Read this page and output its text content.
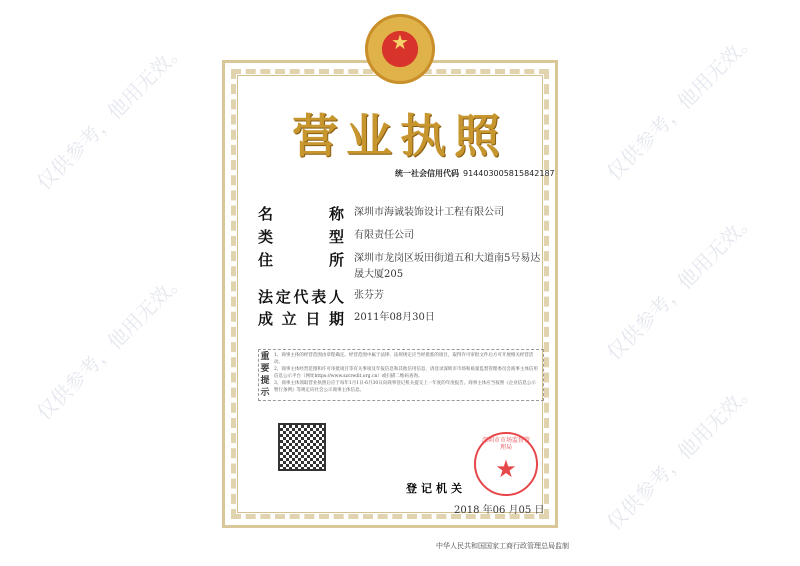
★
营业执照
统一社会信用代码 914403005815842187
名	称 深圳市海诚装饰设计工程有限公司
类	型 有限责任公司
住	所 深圳市龙岗区坂田街道五和大道南5号易达晟大厦205
法 定 代 表 人 张芬芳
成 立 日 期 2011年08月30日
重要提示
1、商事主体的经营范围由章程确定。经营范围中属于法律、法规规定应当经批准的项目，取得许可审批文件后方可开展相关经营活动。
2、商事主体经营范围和许可审批项目等有关事项及年报信息和其他信用信息，请登录深圳市市场和质量监督管理委员会商事主体信用信息公示平台（网址https://www.szcredit.org.cn）或扫描二维码查询。
3、商事主体领取营业执照后应于每年1月1日-6月30日向商事登记机关提交上一年度的年度报告。商事主体应当按照《企业信息公示暂行条例》等规定向社会公示商事主体信息。
登记机关
2018 年06 月05 日
深圳市市场监督管理局
★
中华人民共和国国家工商行政管理总局监制
仅供参考，他用无效。
仅供参考，他用无效。
仅供参考，他用无效。
仅供参考，他用无效。
仅供参考，他用无效。
